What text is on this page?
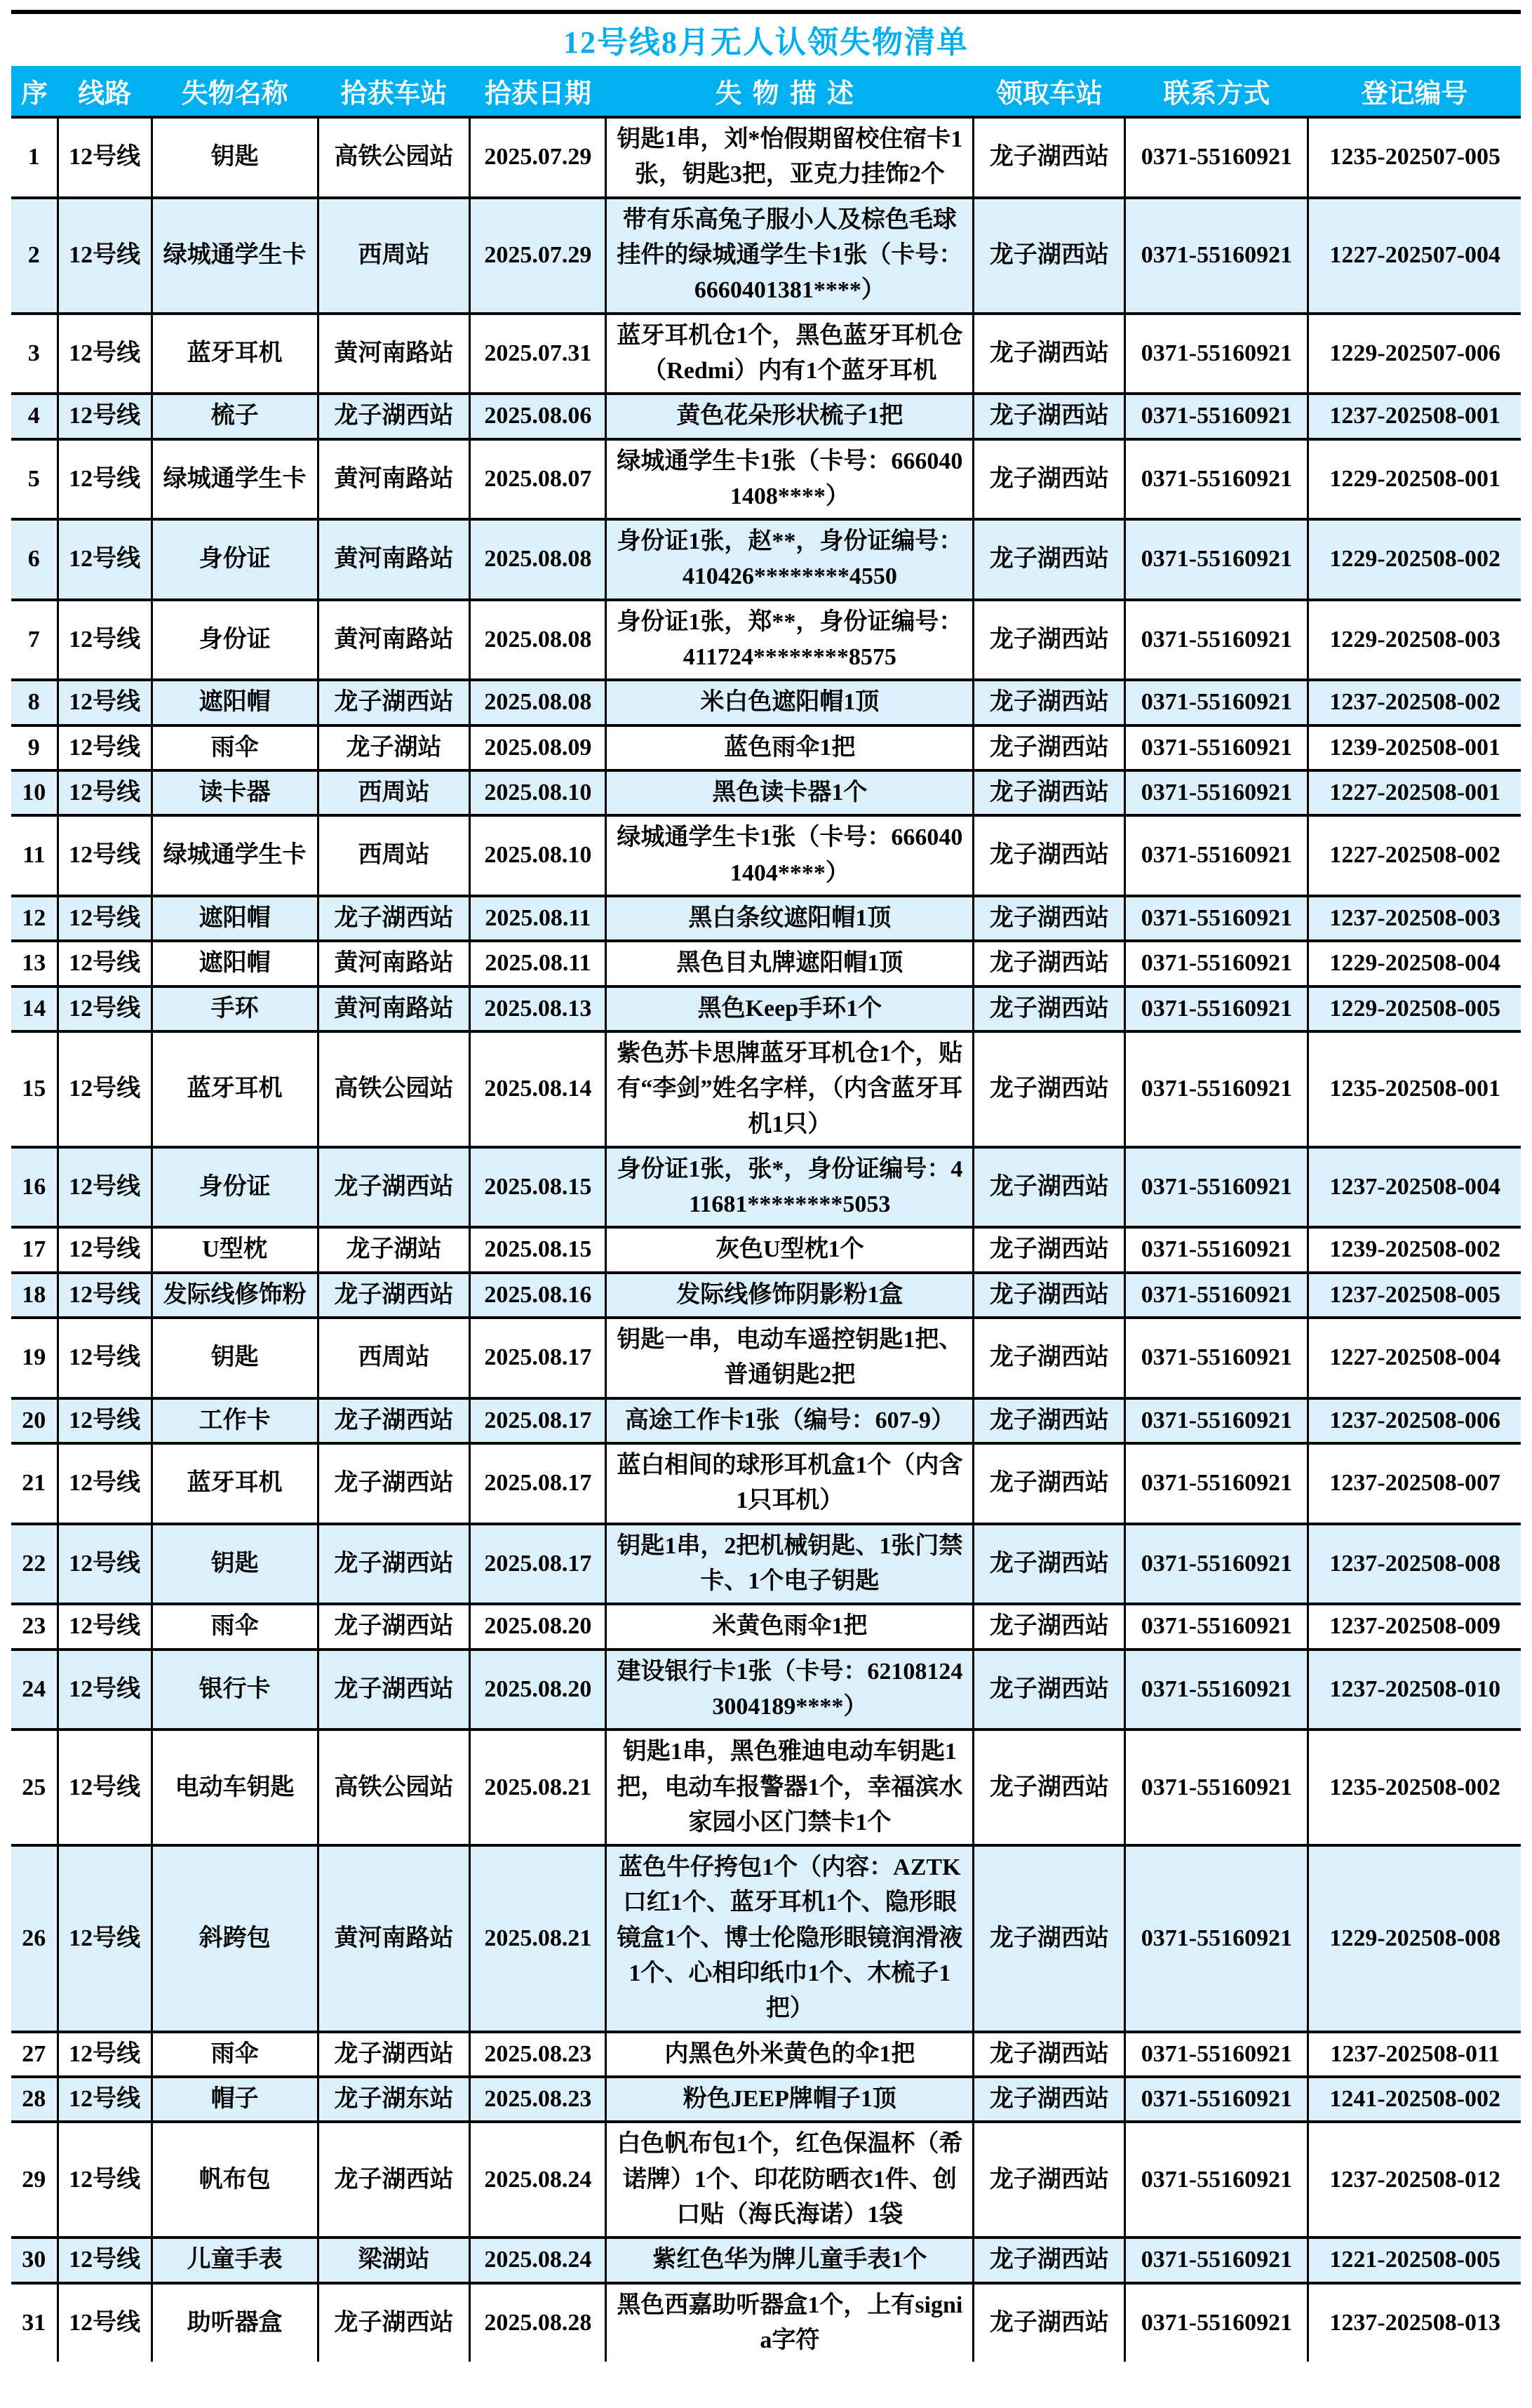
12号线8月无人认领失物清单
序	线路	失物名称	拾获车站	拾获日期	失物描述	领取车站	联系方式	登记编号
1	12号线	钥匙	高铁公园站	2025.07.29	钥匙1串，刘*怡假期留校住宿卡1张，钥匙3把，亚克力挂饰2个	龙子湖西站	0371-55160921	1235-202507-005
2	12号线	绿城通学生卡	西周站	2025.07.29	带有乐高兔子服小人及棕色毛球挂件的绿城通学生卡1张（卡号：6660401381****）	龙子湖西站	0371-55160921	1227-202507-004
3	12号线	蓝牙耳机	黄河南路站	2025.07.31	蓝牙耳机仓1个，黑色蓝牙耳机仓（Redmi）内有1个蓝牙耳机	龙子湖西站	0371-55160921	1229-202507-006
4	12号线	梳子	龙子湖西站	2025.08.06	黄色花朵形状梳子1把	龙子湖西站	0371-55160921	1237-202508-001
5	12号线	绿城通学生卡	黄河南路站	2025.08.07	绿城通学生卡1张（卡号：6660401408****）	龙子湖西站	0371-55160921	1229-202508-001
6	12号线	身份证	黄河南路站	2025.08.08	身份证1张，赵**，身份证编号：410426********4550	龙子湖西站	0371-55160921	1229-202508-002
7	12号线	身份证	黄河南路站	2025.08.08	身份证1张，郑**，身份证编号：411724********8575	龙子湖西站	0371-55160921	1229-202508-003
8	12号线	遮阳帽	龙子湖西站	2025.08.08	米白色遮阳帽1顶	龙子湖西站	0371-55160921	1237-202508-002
9	12号线	雨伞	龙子湖站	2025.08.09	蓝色雨伞1把	龙子湖西站	0371-55160921	1239-202508-001
10	12号线	读卡器	西周站	2025.08.10	黑色读卡器1个	龙子湖西站	0371-55160921	1227-202508-001
11	12号线	绿城通学生卡	西周站	2025.08.10	绿城通学生卡1张（卡号：6660401404****）	龙子湖西站	0371-55160921	1227-202508-002
12	12号线	遮阳帽	龙子湖西站	2025.08.11	黑白条纹遮阳帽1顶	龙子湖西站	0371-55160921	1237-202508-003
13	12号线	遮阳帽	黄河南路站	2025.08.11	黑色目丸牌遮阳帽1顶	龙子湖西站	0371-55160921	1229-202508-004
14	12号线	手环	黄河南路站	2025.08.13	黑色Keep手环1个	龙子湖西站	0371-55160921	1229-202508-005
15	12号线	蓝牙耳机	高铁公园站	2025.08.14	紫色苏卡思牌蓝牙耳机仓1个，贴有“李剑”姓名字样，（内含蓝牙耳机1只）	龙子湖西站	0371-55160921	1235-202508-001
16	12号线	身份证	龙子湖西站	2025.08.15	身份证1张，张*，身份证编号：411681********5053	龙子湖西站	0371-55160921	1237-202508-004
17	12号线	U型枕	龙子湖站	2025.08.15	灰色U型枕1个	龙子湖西站	0371-55160921	1239-202508-002
18	12号线	发际线修饰粉	龙子湖西站	2025.08.16	发际线修饰阴影粉1盒	龙子湖西站	0371-55160921	1237-202508-005
19	12号线	钥匙	西周站	2025.08.17	钥匙一串，电动车遥控钥匙1把、普通钥匙2把	龙子湖西站	0371-55160921	1227-202508-004
20	12号线	工作卡	龙子湖西站	2025.08.17	高途工作卡1张（编号：607-9）	龙子湖西站	0371-55160921	1237-202508-006
21	12号线	蓝牙耳机	龙子湖西站	2025.08.17	蓝白相间的球形耳机盒1个（内含1只耳机）	龙子湖西站	0371-55160921	1237-202508-007
22	12号线	钥匙	龙子湖西站	2025.08.17	钥匙1串，2把机械钥匙、1张门禁卡、1个电子钥匙	龙子湖西站	0371-55160921	1237-202508-008
23	12号线	雨伞	龙子湖西站	2025.08.20	米黄色雨伞1把	龙子湖西站	0371-55160921	1237-202508-009
24	12号线	银行卡	龙子湖西站	2025.08.20	建设银行卡1张（卡号：621081243004189****）	龙子湖西站	0371-55160921	1237-202508-010
25	12号线	电动车钥匙	高铁公园站	2025.08.21	钥匙1串，黑色雅迪电动车钥匙1把，电动车报警器1个，幸福滨水家园小区门禁卡1个	龙子湖西站	0371-55160921	1235-202508-002
26	12号线	斜跨包	黄河南路站	2025.08.21	蓝色牛仔挎包1个（内容：AZTK口红1个、蓝牙耳机1个、隐形眼镜盒1个、博士伦隐形眼镜润滑液1个、心相印纸巾1个、木梳子1把）	龙子湖西站	0371-55160921	1229-202508-008
27	12号线	雨伞	龙子湖西站	2025.08.23	内黑色外米黄色的伞1把	龙子湖西站	0371-55160921	1237-202508-011
28	12号线	帽子	龙子湖东站	2025.08.23	粉色JEEP牌帽子1顶	龙子湖西站	0371-55160921	1241-202508-002
29	12号线	帆布包	龙子湖西站	2025.08.24	白色帆布包1个，红色保温杯（希诺牌）1个、印花防晒衣1件、创口贴（海氏海诺）1袋	龙子湖西站	0371-55160921	1237-202508-012
30	12号线	儿童手表	梁湖站	2025.08.24	紫红色华为牌儿童手表1个	龙子湖西站	0371-55160921	1221-202508-005
31	12号线	助听器盒	龙子湖西站	2025.08.28	黑色西嘉助听器盒1个，上有signia字符	龙子湖西站	0371-55160921	1237-202508-013
